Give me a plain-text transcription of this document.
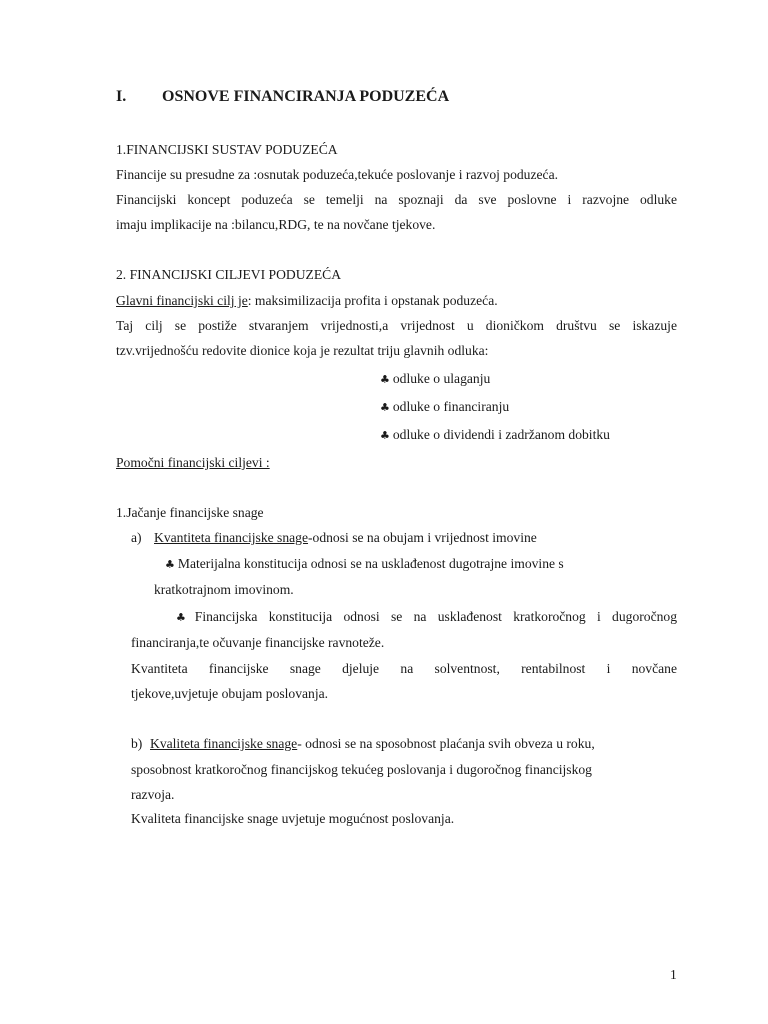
I. OSNOVE FINANCIRANJA PODUZEĆA
1.FINANCIJSKI SUSTAV PODUZEĆA
Financije su presudne za :osnutak poduzeća,tekuće poslovanje i razvoj poduzeća.
Financijski koncept poduzeća se temelji na spoznaji da sve poslovne i razvojne odluke
imaju implikacije na :bilancu,RDG, te na novčane tjekove.
2. FINANCIJSKI CILJEVI PODUZEĆA
Glavni financijski cilj je: maksimilizacija profita i opstanak poduzeća.
Taj cilj se postiže stvaranjem vrijednosti,a vrijednost u dioničkom društvu se iskazuje
tzv.vrijednošću redovite dionice koja je rezultat triju glavnih odluka:
♣ odluke o ulaganju
♣ odluke o financiranju
♣ odluke o dividendi i zadržanom dobitku
Pomočni financijski ciljevi :
1.Jačanje financijske snage
a) Kvantiteta financijske snage-odnosi se na obujam i vrijednost imovine
♣ Materijalna konstitucija odnosi se na usklađenost dugotrajne imovine s
kratkotrajnom imovinom.
♣Financijska konstitucija odnosi se na usklađenost kratkoročnog i dugoročnog
financiranja,te očuvanje financijske ravnoteže.
Kvantiteta financijske snage djeluje na solventnost, rentabilnost i novčane
tjekove,uvjetuje obujam poslovanja.
b) Kvaliteta financijske snage- odnosi se na sposobnost plaćanja svih obveza u roku,
sposobnost kratkoročnog financijskog tekućeg poslovanja i dugoročnog financijskog
razvoja.
Kvaliteta financijske snage uvjetuje mogućnost poslovanja.
1
